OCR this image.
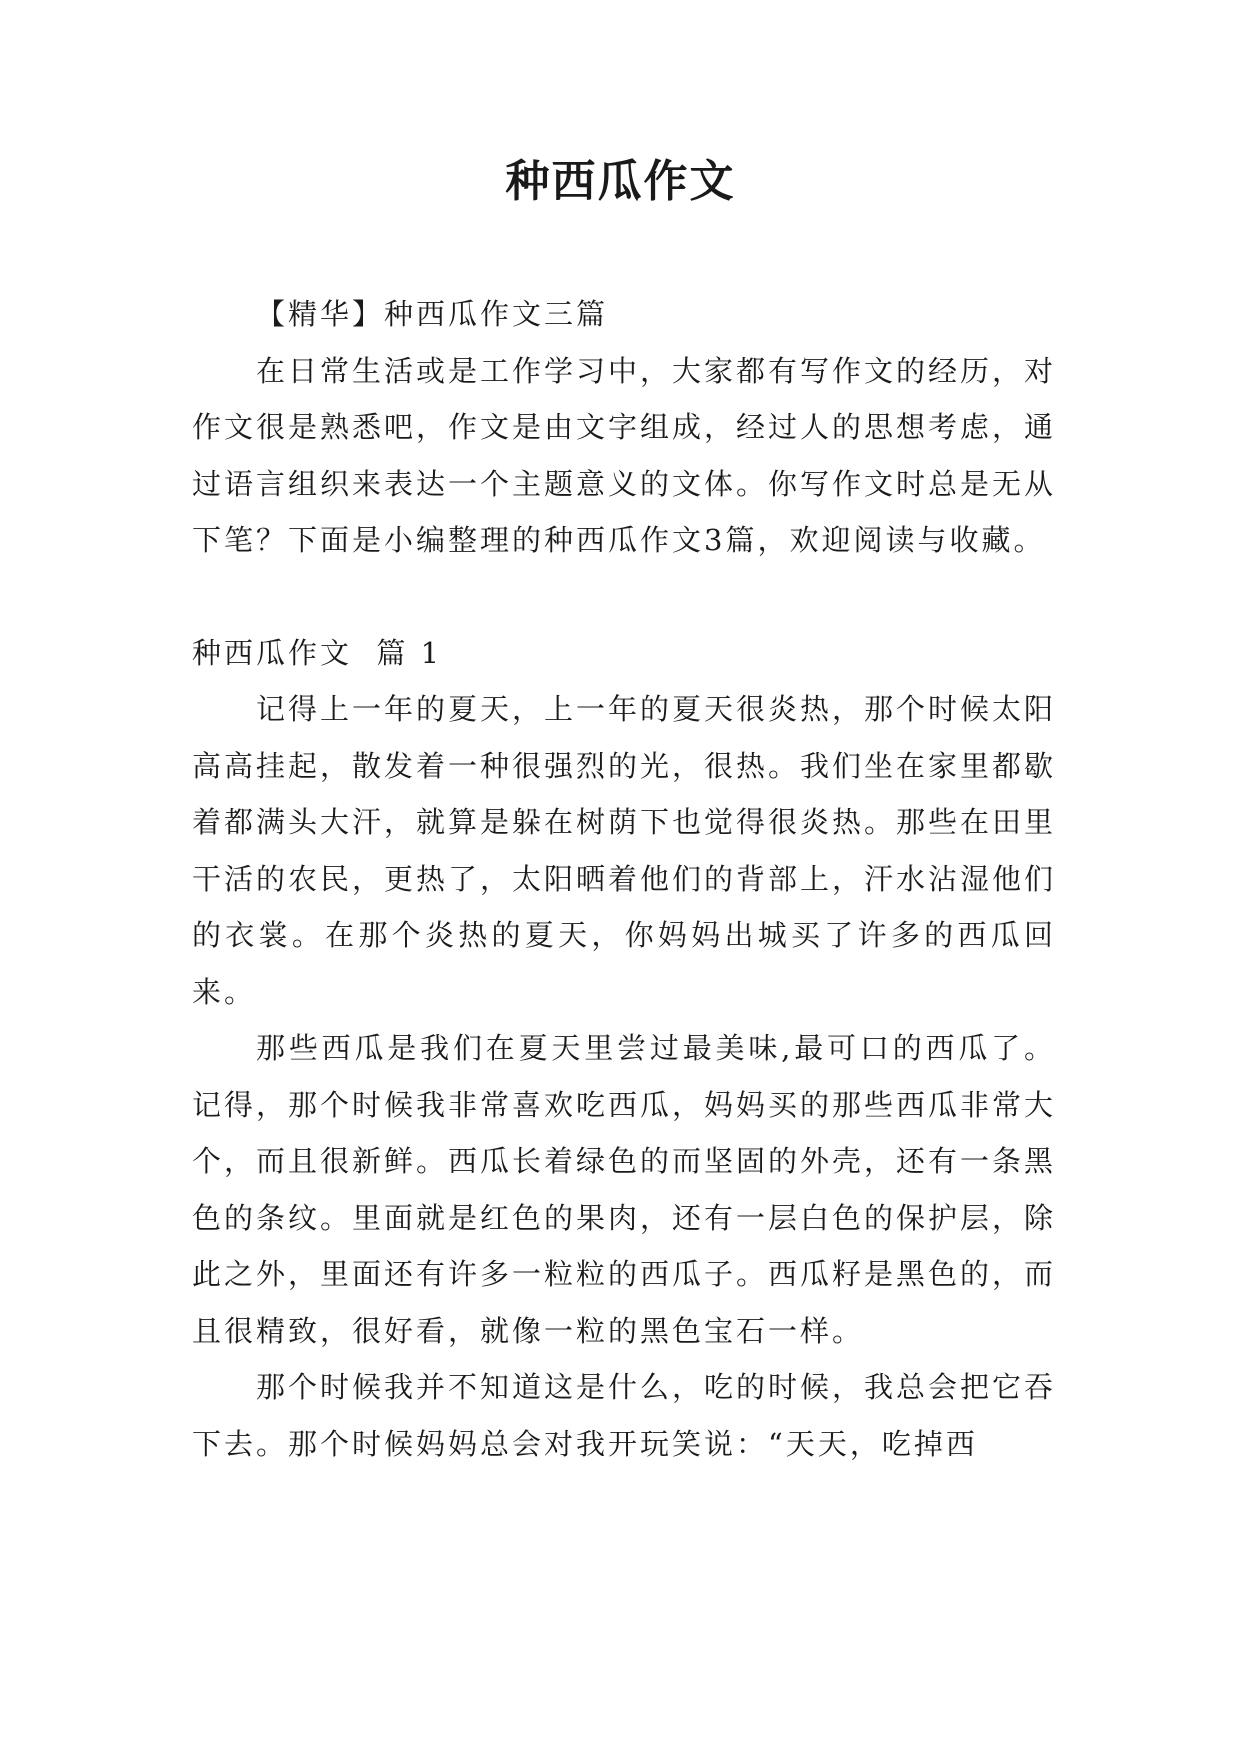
种西瓜作文

【精华】种西瓜作文三篇

在日常生活或是工作学习中，大家都有写作文的经历，对作文很是熟悉吧，作文是由文字组成，经过人的思想考虑，通过语言组织来表达一个主题意义的文体。你写作文时总是无从下笔？下面是小编整理的种西瓜作文3篇，欢迎阅读与收藏。

种西瓜作文  篇 1

记得上一年的夏天，上一年的夏天很炎热，那个时候太阳高高挂起，散发着一种很强烈的光，很热。我们坐在家里都歇着都满头大汗，就算是躲在树荫下也觉得很炎热。那些在田里干活的农民，更热了，太阳晒着他们的背部上，汗水沾湿他们的衣裳。在那个炎热的夏天，你妈妈出城买了许多的西瓜回来。

那些西瓜是我们在夏天里尝过最美味,最可口的西瓜了。记得，那个时候我非常喜欢吃西瓜，妈妈买的那些西瓜非常大个，而且很新鲜。西瓜长着绿色的而坚固的外壳，还有一条黑色的条纹。里面就是红色的果肉，还有一层白色的保护层，除此之外，里面还有许多一粒粒的西瓜子。西瓜籽是黑色的，而且很精致，很好看，就像一粒的黑色宝石一样。

那个时候我并不知道这是什么，吃的时候，我总会把它吞下去。那个时候妈妈总会对我开玩笑说：“天天，吃掉西
